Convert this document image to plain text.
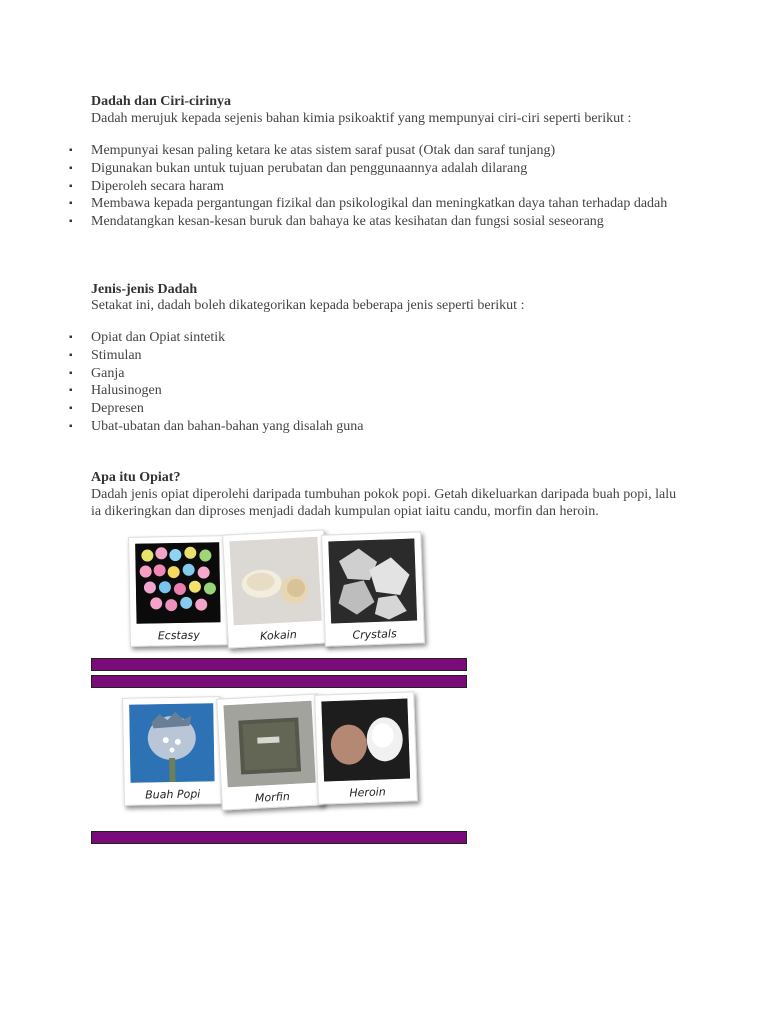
Dadah dan Ciri-cirinya
Dadah merujuk kepada sejenis bahan kimia psikoaktif yang mempunyai ciri-ciri seperti berikut :
▪ Mempunyai kesan paling ketara ke atas sistem saraf pusat (Otak dan saraf tunjang)
▪ Digunakan bukan untuk tujuan perubatan dan penggunaannya adalah dilarang
▪ Diperoleh secara haram
▪ Membawa kepada pergantungan fizikal dan psikologikal dan meningkatkan daya tahan terhadap dadah
▪ Mendatangkan kesan-kesan buruk dan bahaya ke atas kesihatan dan fungsi sosial seseorang
Jenis-jenis Dadah
Setakat ini, dadah boleh dikategorikan kepada beberapa jenis seperti berikut :
▪ Opiat dan Opiat sintetik
▪ Stimulan
▪ Ganja
▪ Halusinogen
▪ Depresen
▪ Ubat-ubatan dan bahan-bahan yang disalah guna
Apa itu Opiat?
Dadah jenis opiat diperolehi daripada tumbuhan pokok popi. Getah dikeluarkan daripada buah popi, lalu ia dikeringkan dan diproses menjadi dadah kumpulan opiat iaitu candu, morfin dan heroin.
Ecstasy	Kokain	Crystals
Buah Popi	Morfin	Heroin
